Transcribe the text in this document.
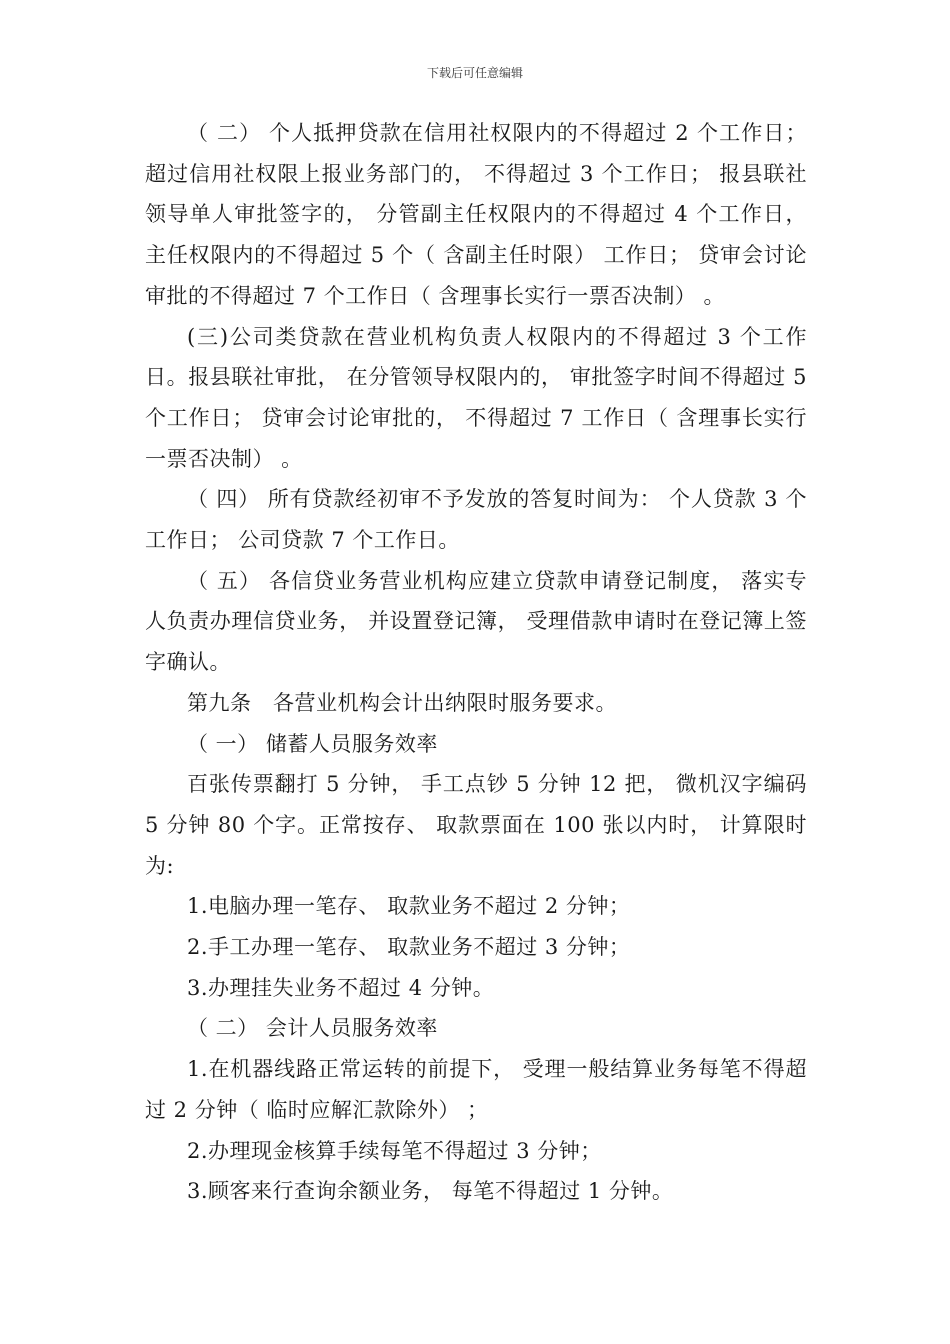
下载后可任意编辑

（ 二） 个人抵押贷款在信用社权限内的不得超过 2 个工作日；超过信用社权限上报业务部门的， 不得超过 3 个工作日； 报县联社领导单人审批签字的， 分管副主任权限内的不得超过 4 个工作日， 主任权限内的不得超过 5 个（ 含副主任时限） 工作日； 贷审会讨论审批的不得超过 7 个工作日（ 含理事长实行一票否决制） 。

(三)公司类贷款在营业机构负责人权限内的不得超过 3 个工作日。报县联社审批， 在分管领导权限内的， 审批签字时间不得超过 5 个工作日； 贷审会讨论审批的， 不得超过 7 工作日（ 含理事长实行一票否决制） 。

（ 四） 所有贷款经初审不予发放的答复时间为： 个人贷款 3 个工作日； 公司贷款 7 个工作日。

（ 五） 各信贷业务营业机构应建立贷款申请登记制度， 落实专人负责办理信贷业务， 并设置登记簿， 受理借款申请时在登记簿上签字确认。

第九条　各营业机构会计出纳限时服务要求。

（ 一） 储蓄人员服务效率

百张传票翻打 5 分钟， 手工点钞 5 分钟 12 把， 微机汉字编码 5 分钟 80 个字。正常按存、 取款票面在 100 张以内时， 计算限时为:

1.电脑办理一笔存、 取款业务不超过 2 分钟；

2.手工办理一笔存、 取款业务不超过 3 分钟；

3.办理挂失业务不超过 4 分钟。

（ 二） 会计人员服务效率

1.在机器线路正常运转的前提下， 受理一般结算业务每笔不得超过 2 分钟（ 临时应解汇款除外） ；

2.办理现金核算手续每笔不得超过 3 分钟；

3.顾客来行查询余额业务， 每笔不得超过 1 分钟。
